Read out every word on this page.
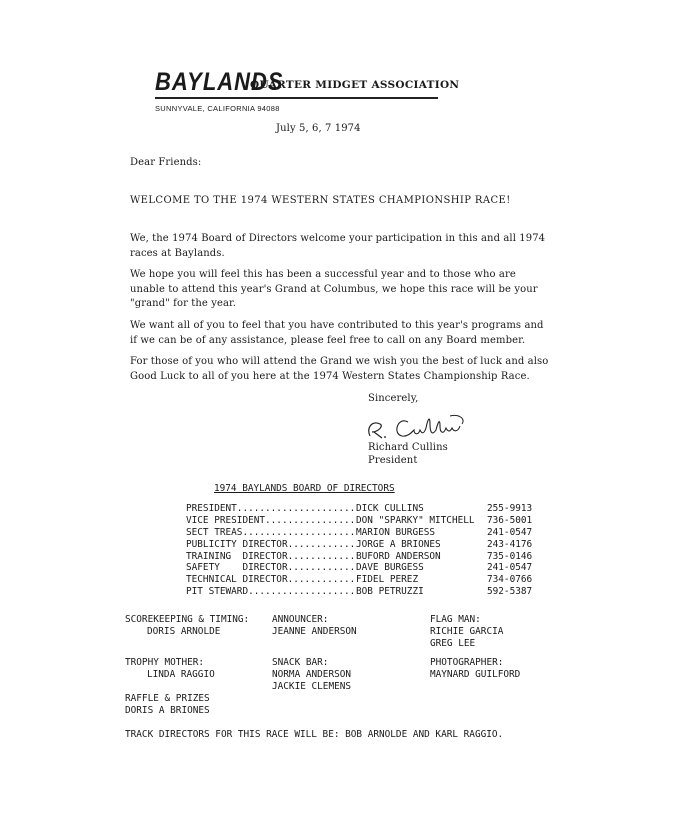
BAYLANDS
QUARTER MIDGET ASSOCIATION
SUNNYVALE, CALIFORNIA 94088
July 5, 6, 7 1974
Dear Friends:
WELCOME TO THE 1974 WESTERN STATES CHAMPIONSHIP RACE!
We, the 1974 Board of Directors welcome your participation in this and all 1974 races at Baylands.
We hope you will feel this has been a successful year and to those who are unable to attend this year's Grand at Columbus, we hope this race will be your "grand" for the year.
We want all of you to feel that you have contributed to this year's programs and if we can be of any assistance, please feel free to call on any Board member.
For those of you who will attend the Grand we wish you the best of luck and also Good Luck to all of you here at the 1974 Western States Championship Race.
Sincerely,
Richard Cullins
President
1974 BAYLANDS BOARD OF DIRECTORS
PRESIDENT..................... DICK CULLINS	255-9913
VICE PRESIDENT................ DON "SPARKY" MITCHELL	736-5001
SECT TREAS.................... MARION BURGESS	241-0547
PUBLICITY DIRECTOR............ JORGE A BRIONES	243-4176
TRAINING  DIRECTOR............ BUFORD ANDERSON	735-0146
SAFETY    DIRECTOR............ DAVE BURGESS	241-0547
TECHNICAL DIRECTOR............ FIDEL PEREZ	734-0766
PIT STEWARD................... BOB PETRUZZI	592-5387
SCOREKEEPING & TIMING:
DORIS ARNOLDE
ANNOUNCER:
JEANNE ANDERSON
FLAG MAN:
RICHIE GARCIA
GREG LEE
TROPHY MOTHER:
LINDA RAGGIO
SNACK BAR:
NORMA ANDERSON
JACKIE CLEMENS
PHOTOGRAPHER:
MAYNARD GUILFORD
RAFFLE & PRIZES
DORIS A BRIONES
TRACK DIRECTORS FOR THIS RACE WILL BE: BOB ARNOLDE AND KARL RAGGIO.
